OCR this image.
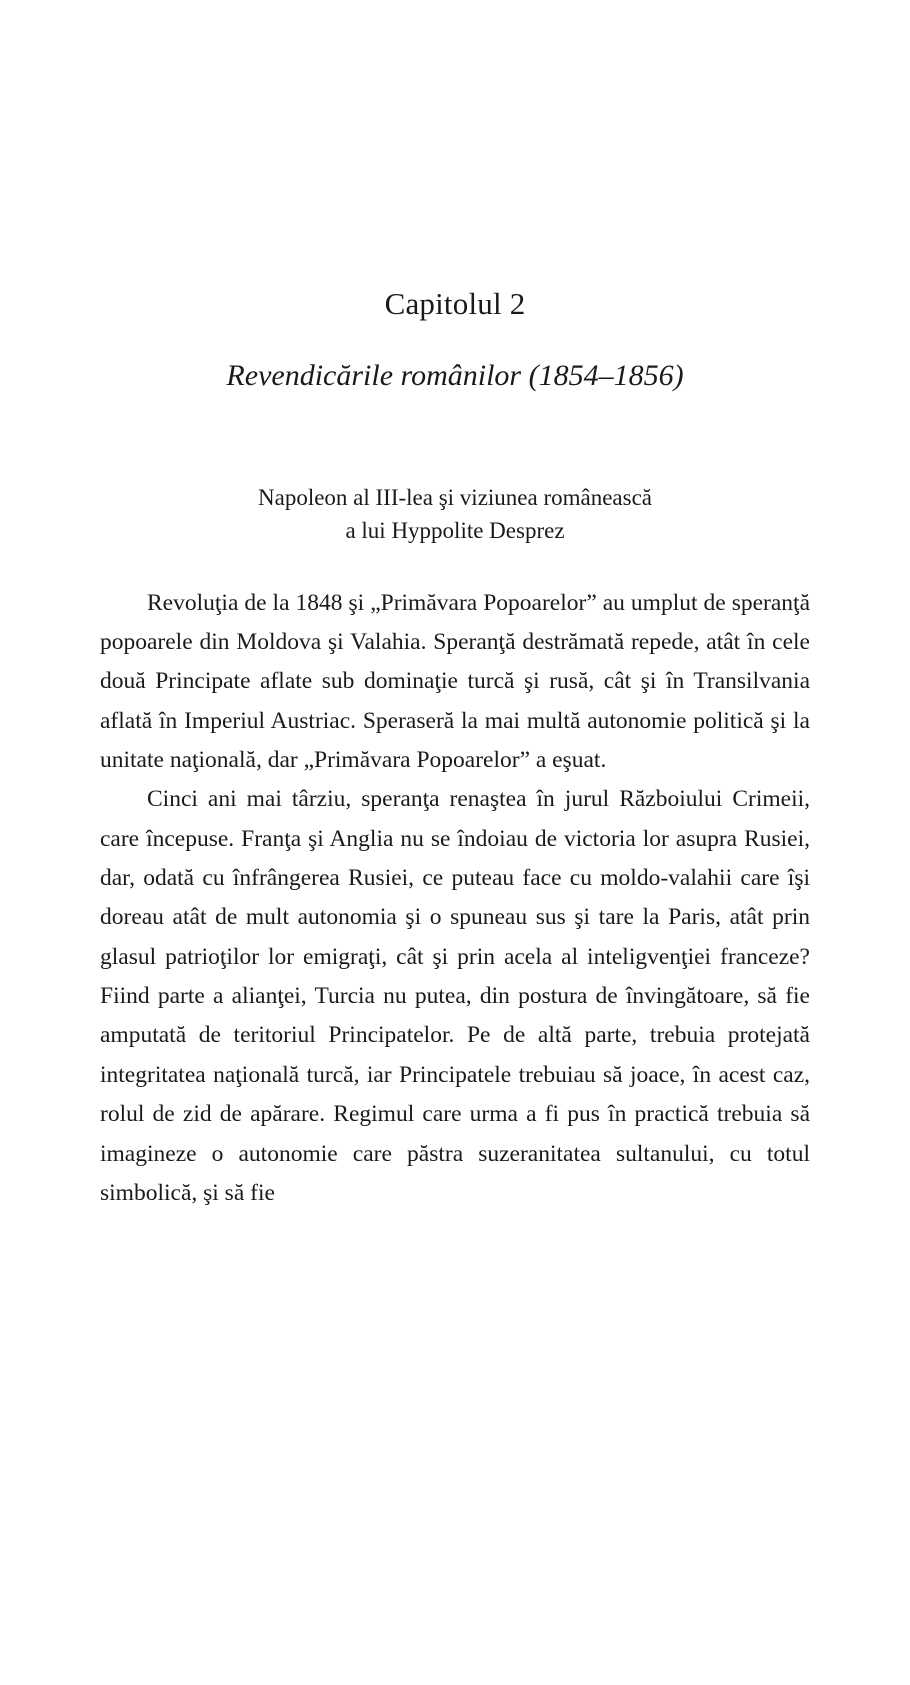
Capitolul 2
Revendicările românilor (1854–1856)
Napoleon al III-lea şi viziunea românească
a lui Hyppolite Desprez

Revoluţia de la 1848 şi „Primăvara Popoarelor” au umplut de speranţă popoarele din Moldova şi Valahia. Speranţă destrămată repede, atât în cele două Principate aflate sub dominaţie turcă şi rusă, cât şi în Transilvania aflată în Imperiul Austriac. Speraseră la mai multă autonomie politică şi la unitate naţională, dar „Primăvara Popoarelor” a eşuat.

Cinci ani mai târziu, speranţa renaştea în jurul Războiului Crimeii, care începuse. Franţa şi Anglia nu se îndoiau de victoria lor asupra Rusiei, dar, odată cu înfrângerea Rusiei, ce puteau face cu moldo-valahii care îşi doreau atât de mult autonomia şi o spuneau sus şi tare la Paris, atât prin glasul patrioţilor lor emigraţi, cât şi prin acela al inteligvenţiei franceze? Fiind parte a alianţei, Turcia nu putea, din postura de învingătoare, să fie amputată de teritoriul Principatelor. Pe de altă parte, trebuia protejată integritatea naţională turcă, iar Principatele trebuiau să joace, în acest caz, rolul de zid de apărare. Regimul care urma a fi pus în practică trebuia să imagineze o autonomie care păstra suzeranitatea sultanului, cu totul simbolică, şi să fie
